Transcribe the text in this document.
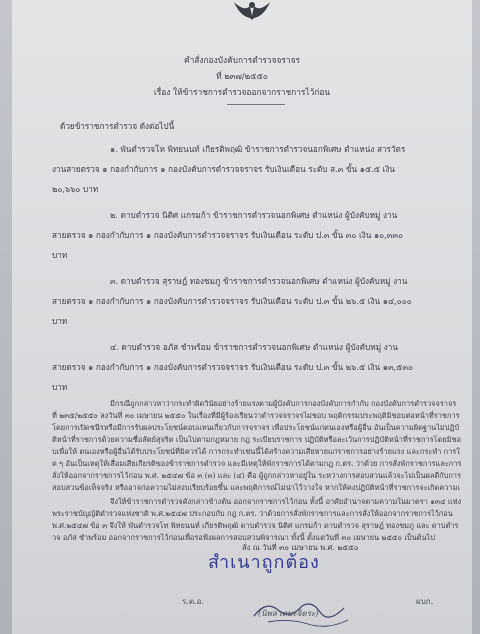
คำสั่งกองบังคับการตำรวจจราจร
ที่ ๒๓๗/๒๕๕๐
เรื่อง ให้ข้าราชการตำรวจออกจากราชการไว้ก่อน
ด้วยข้าราชการตำรวจ ดังต่อไปนี้
๑. พันตำรวจโท พิทยนนท์ เกียรติพฤฒิ ข้าราชการตำรวจนอกพิเศษ ตำแหน่ง สารวัตร
งานสายตรวจ ๑ กองกำกับการ ๑ กองบังคับการตำรวจจราจร รับเงินเดือน ระดับ ส.๓ ขั้น ๑๕.๕ เงิน
๒๐,๖๖๐ บาท
๒. ดาบตำรวจ นิติศ แกรมก้า ข้าราชการตำรวจนอกพิเศษ ตำแหน่ง ผู้บังคับหมู่ งาน
สายตรวจ ๑ กองกำกับการ ๑ กองบังคับการตำรวจจราจร รับเงินเดือน ระดับ ป.๓ ขั้น ๓๐ เงิน ๑๐,๓๓๐
บาท
๓. ดาบตำรวจ สุราษฎ์ ทองชมภู ข้าราชการตำรวจนอกพิเศษ ตำแหน่ง ผู้บังคับหมู่ งาน
สายตรวจ ๑ กองกำกับการ ๑ กองบังคับการตำรวจจราจร รับเงินเดือน ระดับ ป.๓ ขั้น ๒๖.๕ เงิน ๑๔,๐๐๐
บาท
๔. ดาบตำรวจ อภัส ชำพร้อม ข้าราชการตำรวจนอกพิเศษ ตำแหน่ง ผู้บังคับหมู่ งาน
สายตรวจ ๑ กองกำกับการ ๑ กองบังคับการตำรวจจราจร รับเงินเดือน ระดับ ป.๓ ขั้น ๒๖.๕ เงิน ๑๓,๕๓๐
บาท
มีกรณีถูกกล่าวหาว่ากระทำผิดวินัยอย่างร้ายแรงตามผู้บังคับการกองบังคับการกำกับ กองบังคับการตำรวจจราจร ที่ ๒๓๕/๒๕๕๐ ลงวันที่ ๓๐ เมษายน ๒๕๕๐ ในเรื่องที่มีผู้ร้องเรียนว่าตำรวจจราจรไม่ชอบ พฤติกรรมประพฤติมิชอบต่อหน้าที่ราชการโดยการเปิดชนีรหรือมีการรับผลประโยชน์ตอบแทนเกี่ยวกับการจราจร เพื่อประโยชน์แก่ตนเองหรือผู้อื่น อันเป็นความผิดฐานไม่ปฏิบัติหน้าที่ราชการด้วยความซื่อสัตย์สุจริต เป็นไปตามกฎหมาย กฎ ระเบียบราชการ ปฏิบัติหรือละเว้นการปฏิบัติหน้าที่ราชการโดยมิชอบเพื่อให้ ตนเองหรือผู้อื่นได้รับประโยชน์ที่มิควรได้ การกระทำเช่นนี้ได้สร้างความเสียหายแก่ราชการอย่างร้ายแรง และกระทำ การใด ๆ อันเป็นเหตุให้เสื่อมเสียเกียรติของข้าราชการตำรวจ และมีเหตุให้พักราชการได้ตามกฎ ก.ตร. ว่าด้วย การสั่งพักราชการและการสั่งให้ออกจากราชการไว้ก่อน พ.ศ. ๒๕๔๗ ข้อ ๓ (๓) และ (๔) คือ ผู้ถูกกล่าวหาอยู่ใน ระหว่างการสอบสวนแล้วจะไม่เป็นผลดีกับการสอบสวนข้อเท็จจริง หรืออาจก่อความไม่สงบเรียบร้อยขึ้น และพฤติการณ์ไม่น่าไว้วางใจ หากให้คงปฏิบัติหน้าที่ราชการจะเกิดความเ
จึงให้ข้าราชการตำรวจดังกล่าวข้างต้น ออกจากราชการไว้ก่อน ทั้งนี้ อาศัยอำนาจตามความในมาตรา ๑๓๔ แห่งพระราชบัญญัติตำรวจแห่งชาติ พ.ศ.๒๕๔๗ ประกอบกับ กฎ ก.ตร. ว่าด้วยการสั่งพักราชการและการสั่งให้ออกจากราชการไว้ก่อน พ.ศ.๒๕๔๗ ข้อ ๓ จึงให้ พันตำรวจโท พิทยนนท์ เกียรติพฤฒิ ดาบตำรวจ นิติศ แกรมก้า ดาบตำรวจ สุราษฎ์ ทองชมภู และ ดาบตำรวจ อภัส ชำพร้อม ออกจากราชการไว้ก่อนเพื่อรอฟังผลการสอบสวนพิจารณา ทั้งนี้ ตั้งแต่วันที่ ๓๐ เมษายน ๒๕๕๐ เป็นต้นไป
สั่ง ณ วันที่ ๓๐ เมษายน พ.ศ. ๒๕๕๐
สำเนาถูกต้อง
ร.ต.อ.
(นิพล เตมะจิตระ)
ผบก.
